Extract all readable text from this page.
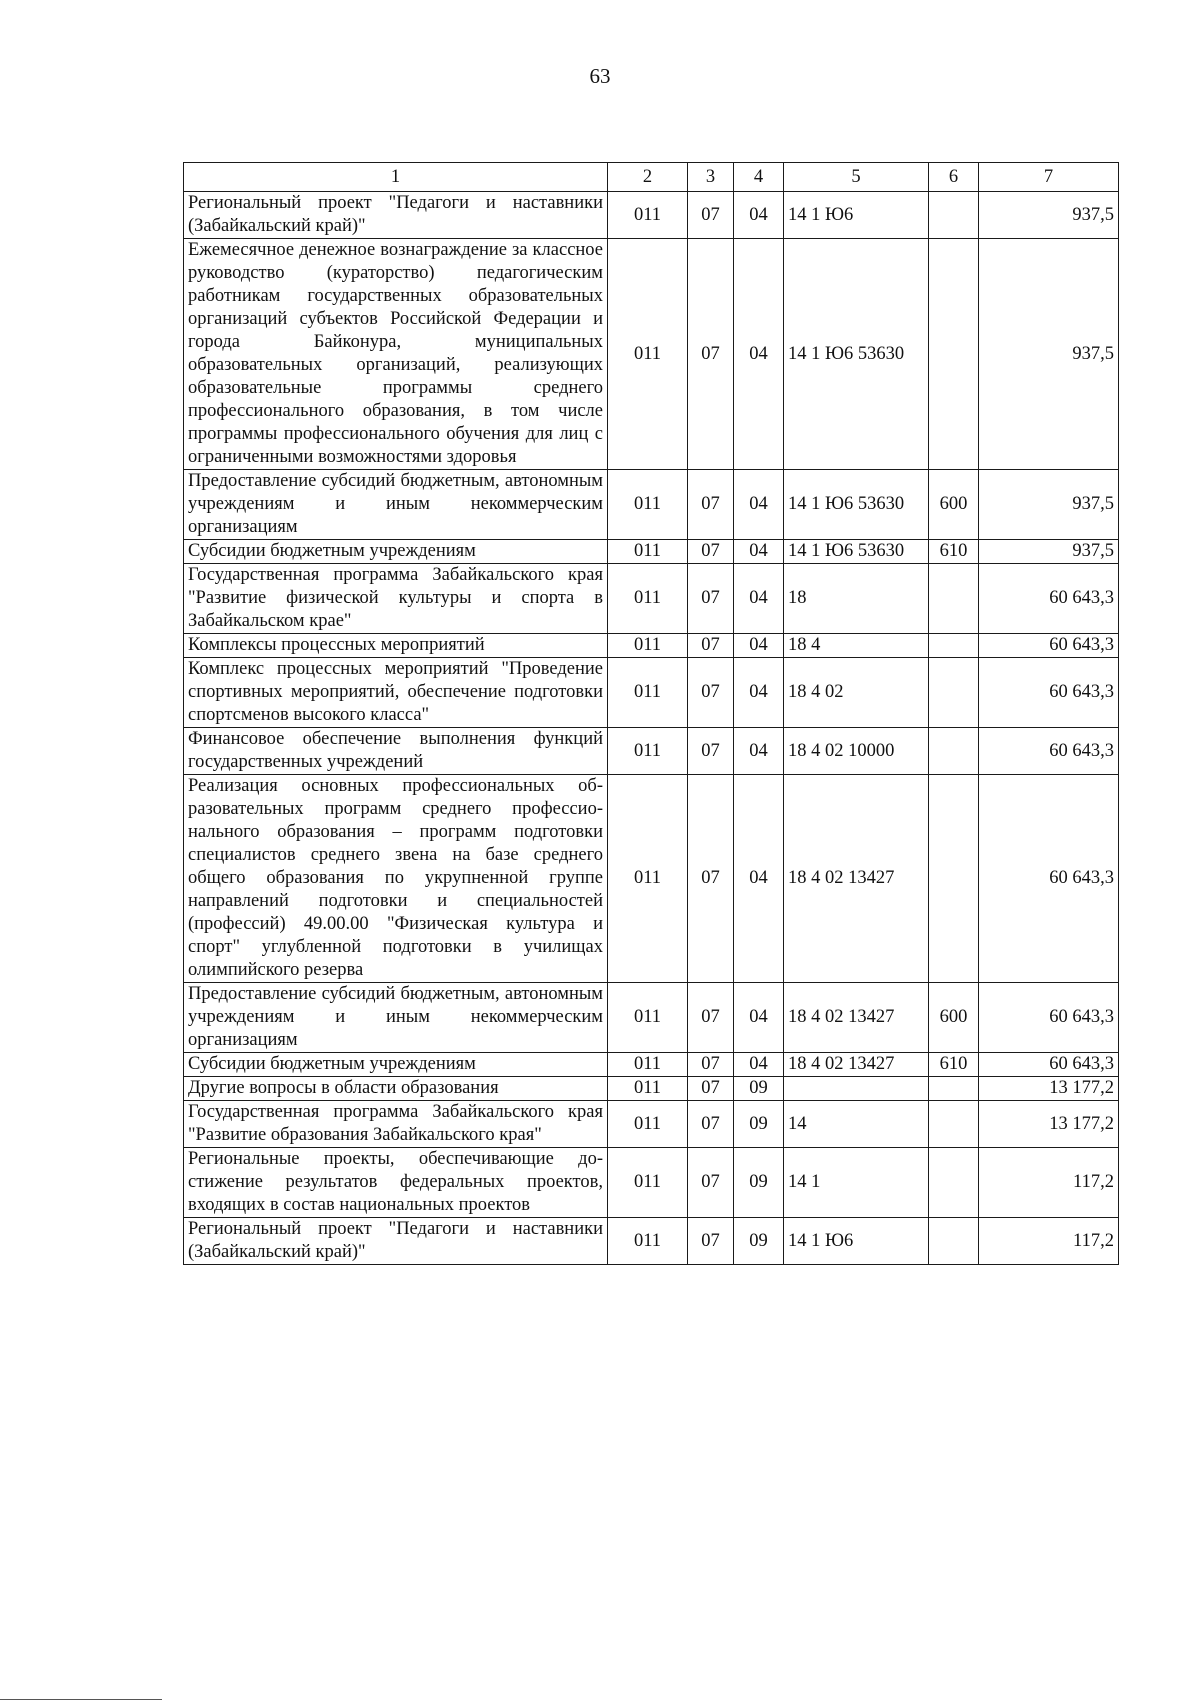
63
1	2	3	4	5	6	7
Региональный проект "Педагоги и наставники (Забайкальский край)"	011	07	04	14 1 Ю6		937,5
Ежемесячное денежное вознаграждение за классное руководство (кураторство) педагогическим работникам государственных образовательных организаций субъектов Российской Федерации и города Байконура, муниципальных образовательных организаций, реализующих образовательные программы среднего профессионального образования, в том числе программы профессионального обучения для лиц с ограниченными возможностями здоровья	011	07	04	14 1 Ю6 53630		937,5
Предоставление субсидий бюджетным, автономным учреждениям и иным некоммерческим организациям	011	07	04	14 1 Ю6 53630	600	937,5
Субсидии бюджетным учреждениям	011	07	04	14 1 Ю6 53630	610	937,5
Государственная программа Забайкальского края "Развитие физической культуры и спорта в Забайкальском крае"	011	07	04	18		60 643,3
Комплексы процессных мероприятий	011	07	04	18 4		60 643,3
Комплекс процессных мероприятий "Проведение спортивных мероприятий, обеспечение подготовки спортсменов высокого класса"	011	07	04	18 4 02		60 643,3
Финансовое обеспечение выполнения функций государственных учреждений	011	07	04	18 4 02 10000		60 643,3
Реализация основных профессиональных образовательных программ среднего профессионального образования – программ подготовки специалистов среднего звена на базе среднего общего образования по укрупненной группе направлений подготовки и специальностей (профессий) 49.00.00 "Физическая культура и спорт" углубленной подготовки в училищах олимпийского резерва	011	07	04	18 4 02 13427		60 643,3
Предоставление субсидий бюджетным, автономным учреждениям и иным некоммерческим организациям	011	07	04	18 4 02 13427	600	60 643,3
Субсидии бюджетным учреждениям	011	07	04	18 4 02 13427	610	60 643,3
Другие вопросы в области образования	011	07	09			13 177,2
Государственная программа Забайкальского края "Развитие образования Забайкальского края"	011	07	09	14		13 177,2
Региональные проекты, обеспечивающие достижение результатов федеральных проектов, входящих в состав национальных проектов	011	07	09	14 1		117,2
Региональный проект "Педагоги и наставники (Забайкальский край)"	011	07	09	14 1 Ю6		117,2
